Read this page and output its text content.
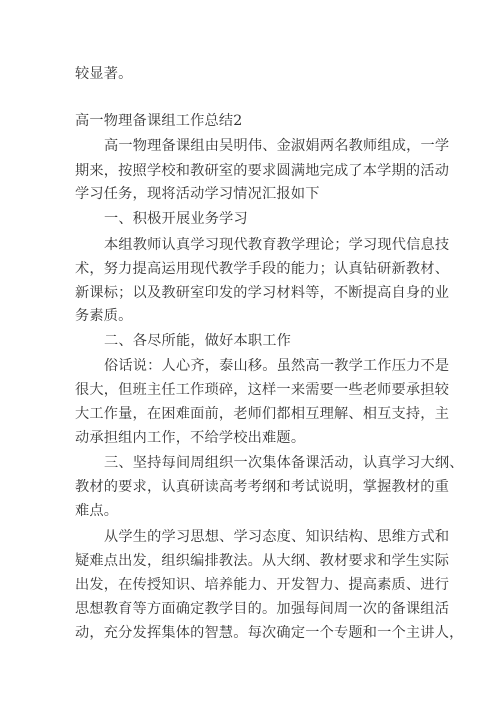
较显著。
高一物理备课组工作总结2
高一物理备课组由吴明伟、金淑娟两名教师组成，一学
期来，按照学校和教研室的要求圆满地完成了本学期的活动
学习任务，现将活动学习情况汇报如下
一、积极开展业务学习
本组教师认真学习现代教育教学理论；学习现代信息技
术，努力提高运用现代教学手段的能力；认真钻研新教材、
新课标；以及教研室印发的学习材料等，不断提高自身的业
务素质。
二、各尽所能，做好本职工作
俗话说：人心齐，泰山移。虽然高一教学工作压力不是
很大，但班主任工作琐碎，这样一来需要一些老师要承担较
大工作量，在困难面前，老师们都相互理解、相互支持，主
动承担组内工作，不给学校出难题。
三、坚持每间周组织一次集体备课活动，认真学习大纲、
教材的要求，认真研读高考考纲和考试说明，掌握教材的重
难点。
从学生的学习思想、学习态度、知识结构、思维方式和
疑难点出发，组织编排教法。从大纲、教材要求和学生实际
出发，在传授知识、培养能力、开发智力、提高素质、进行
思想教育等方面确定教学目的。加强每间周一次的备课组活
动，充分发挥集体的智慧。每次确定一个专题和一个主讲人，
